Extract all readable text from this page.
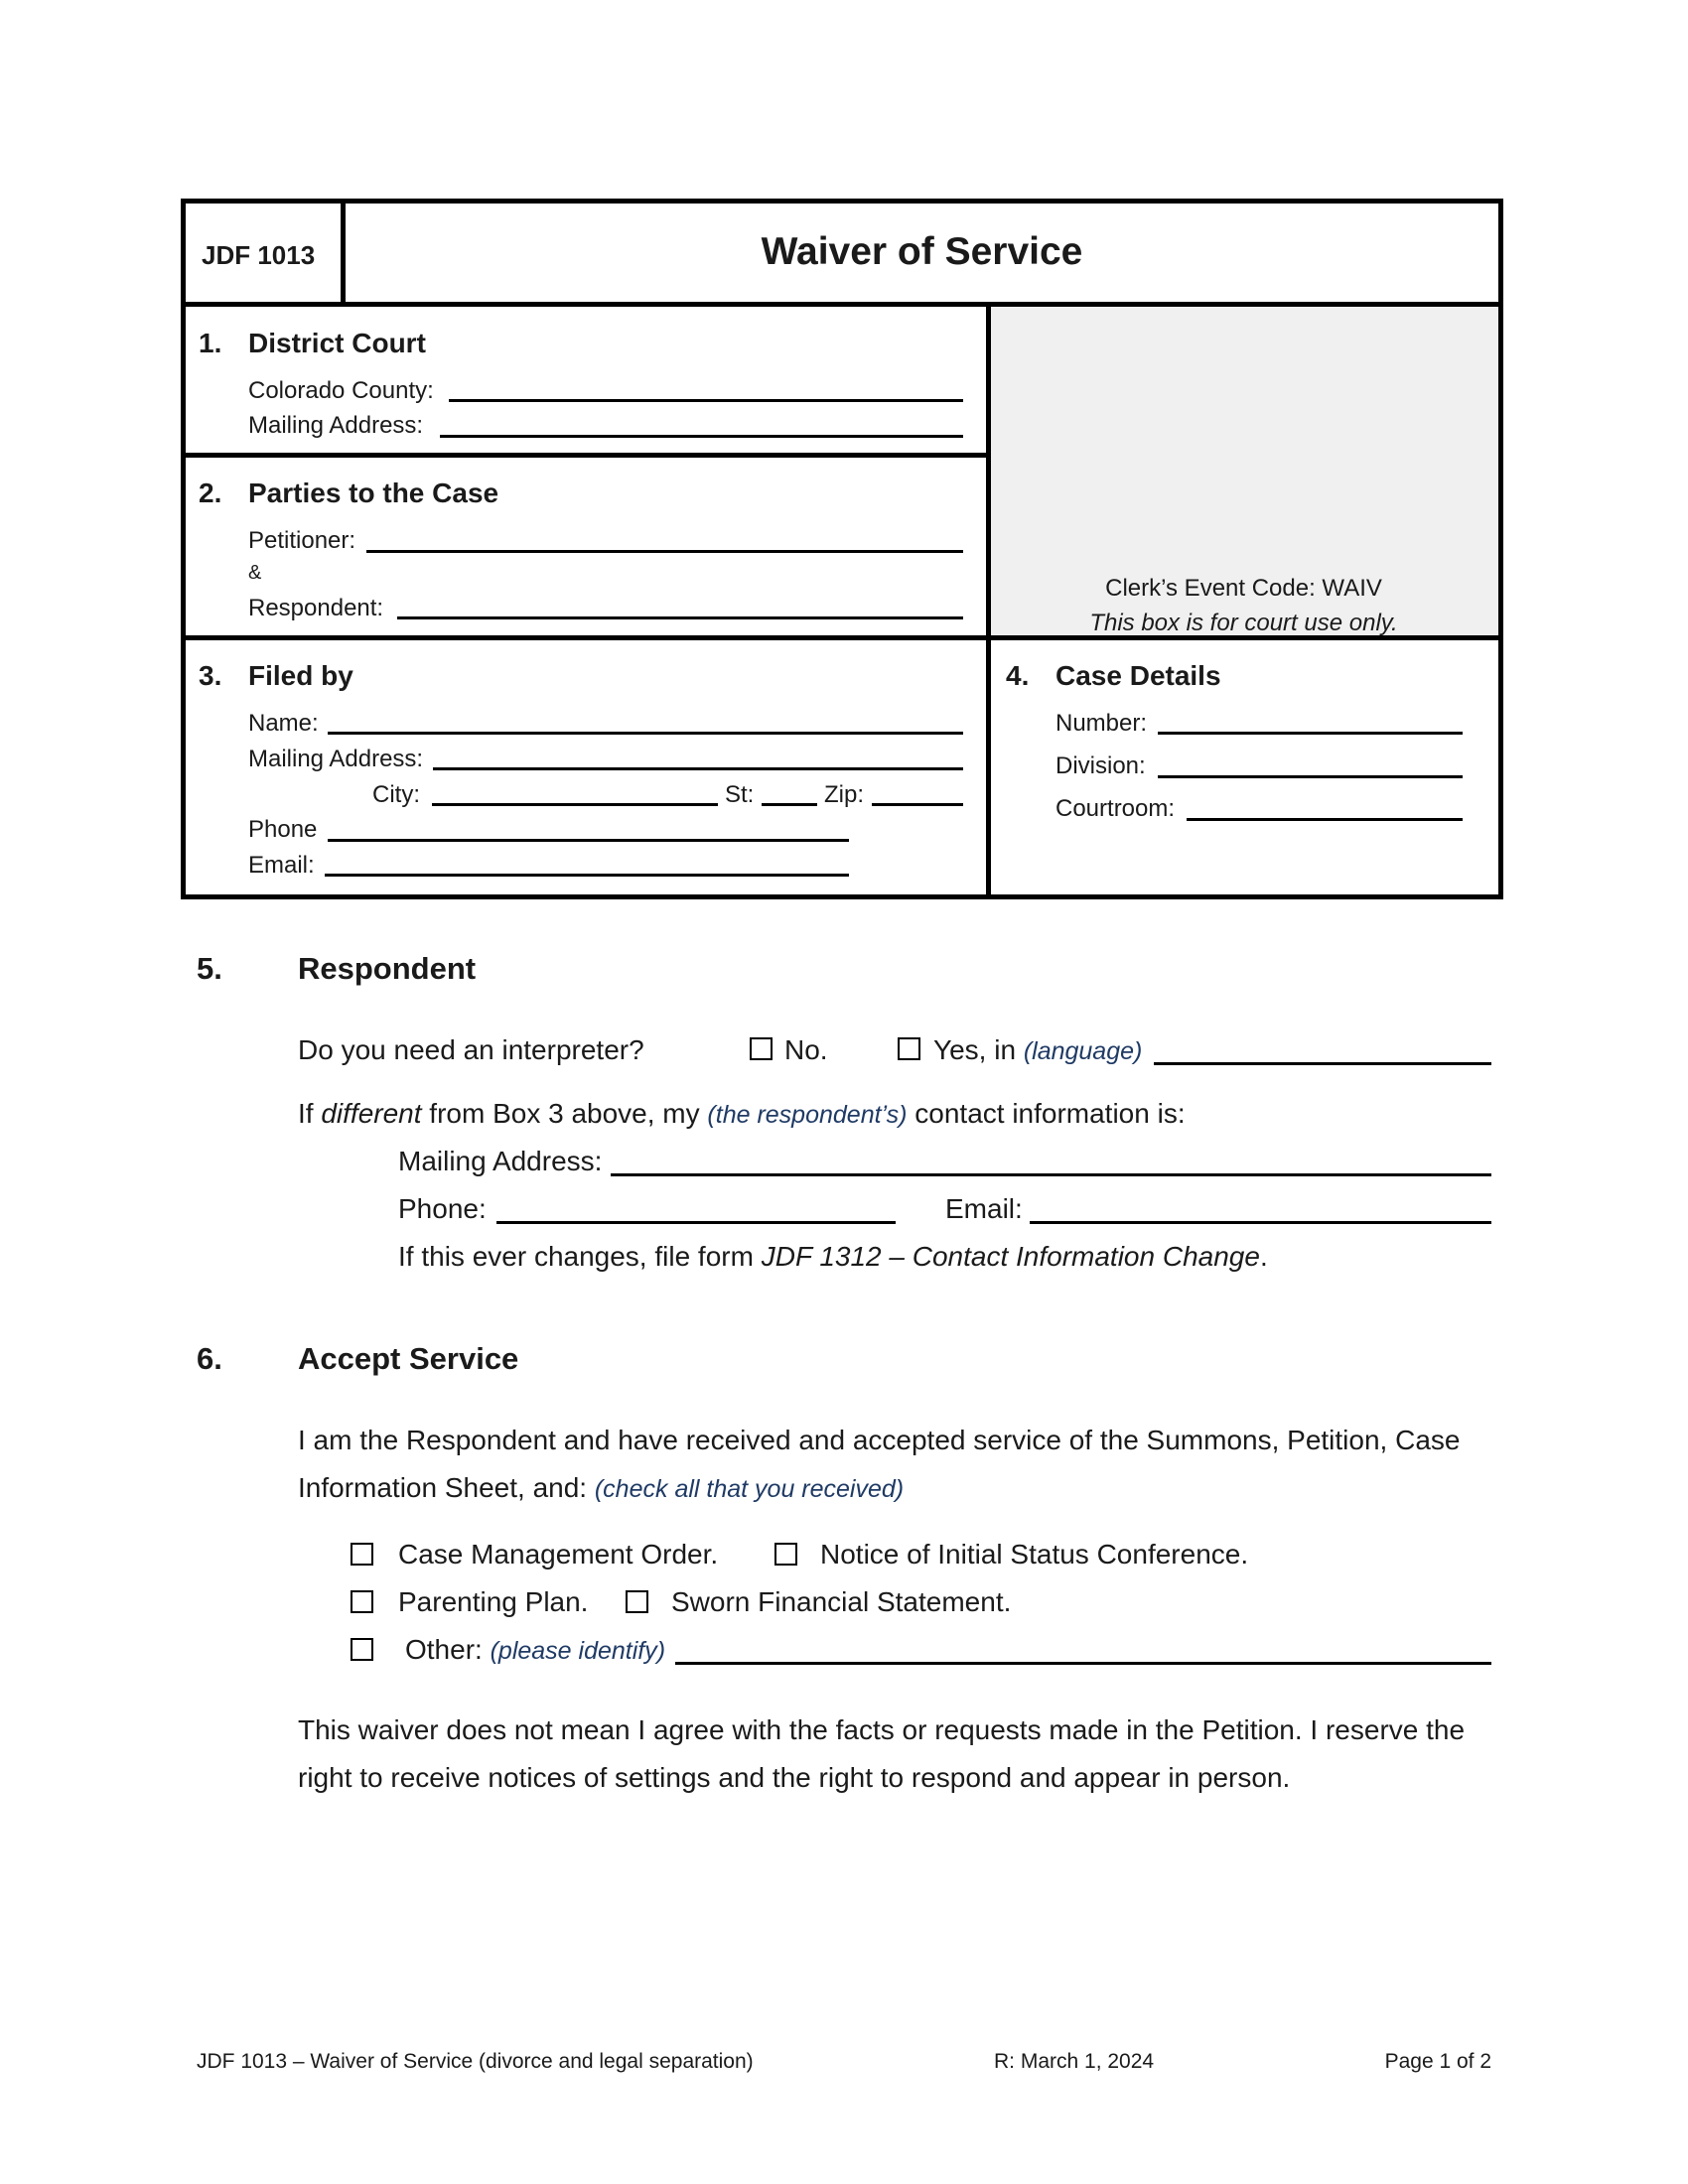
JDF 1013	Waiver of Service
1. District Court
Colorado County:
Mailing Address:
2. Parties to the Case
Petitioner:
&
Respondent:
Clerk’s Event Code: WAIV
This box is for court use only.
3. Filed by
Name:
Mailing Address:
City:	St:	Zip:
Phone
Email:
4. Case Details
Number:
Division:
Courtroom:
5. Respondent
Do you need an interpreter?	No.	Yes, in (language)
If different from Box 3 above, my (the respondent’s) contact information is:
Mailing Address:
Phone:	Email:
If this ever changes, file form JDF 1312 – Contact Information Change.
6. Accept Service
I am the Respondent and have received and accepted service of the Summons, Petition, Case
Information Sheet, and: (check all that you received)
Case Management Order.	Notice of Initial Status Conference.
Parenting Plan.	Sworn Financial Statement.
Other: (please identify)
This waiver does not mean I agree with the facts or requests made in the Petition. I reserve the
right to receive notices of settings and the right to respond and appear in person.
JDF 1013 – Waiver of Service (divorce and legal separation)	R: March 1, 2024	Page 1 of 2
